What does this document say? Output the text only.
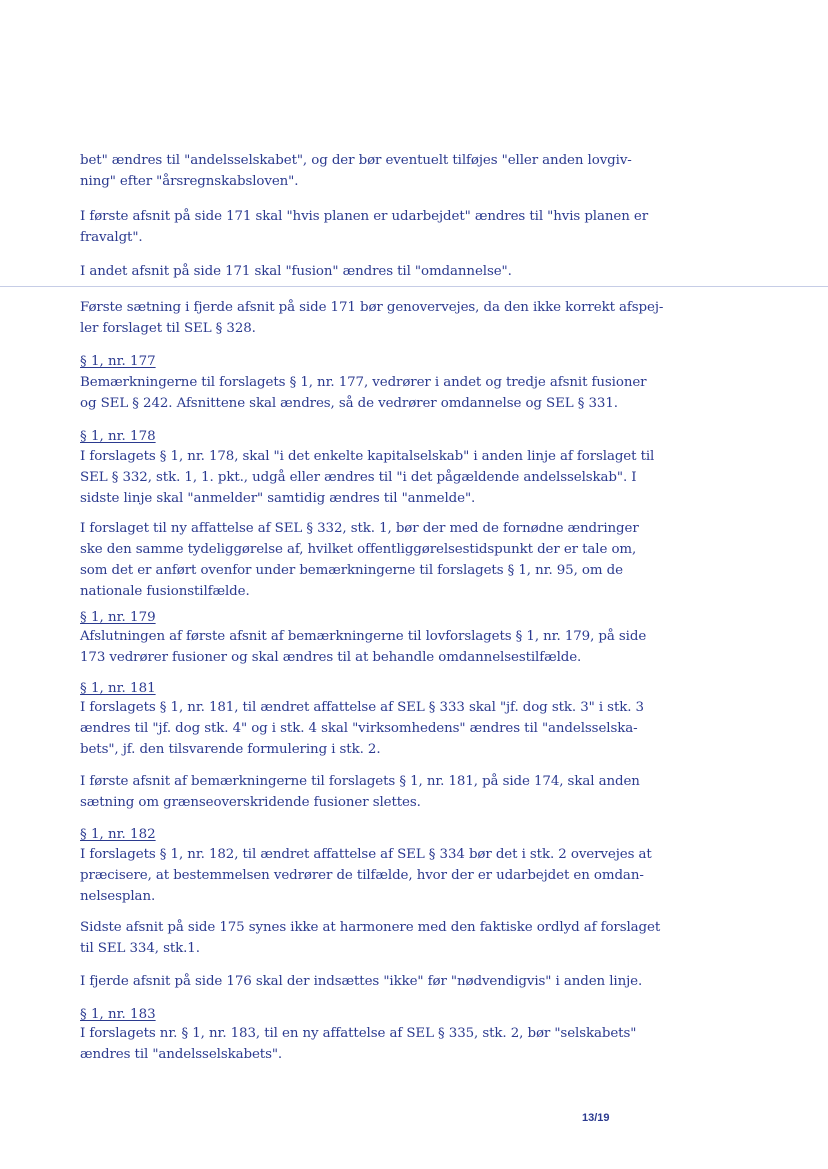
bet" ændres til "andelsselskabet", og der bør eventuelt tilføjes "eller anden lovgiv-
ning" efter "årsregnskabsloven".

I første afsnit på side 171 skal "hvis planen er udarbejdet" ændres til "hvis planen er
fravalgt".

I andet afsnit på side 171 skal "fusion" ændres til "omdannelse".

Første sætning i fjerde afsnit på side 171 bør genovervejes, da den ikke korrekt afspej-
ler forslaget til SEL § 328.

§ 1, nr. 177

Bemærkningerne til forslagets § 1, nr. 177, vedrører i andet og tredje afsnit fusioner
og SEL § 242. Afsnittene skal ændres, så de vedrører omdannelse og SEL § 331.

§ 1, nr. 178

I forslagets § 1, nr. 178, skal "i det enkelte kapitalselskab" i anden linje af forslaget til
SEL § 332, stk. 1, 1. pkt., udgå eller ændres til "i det pågældende andelsselskab". I
sidste linje skal "anmelder" samtidig ændres til "anmelde".

I forslaget til ny affattelse af SEL § 332, stk. 1, bør der med de fornødne ændringer
ske den samme tydeliggørelse af, hvilket offentliggørelsestidspunkt der er tale om,
som det er anført ovenfor under bemærkningerne til forslagets § 1, nr. 95, om de
nationale fusionstilfælde.

§ 1, nr. 179

Afslutningen af første afsnit af bemærkningerne til lovforslagets § 1, nr. 179, på side
173 vedrører fusioner og skal ændres til at behandle omdannelsestilfælde.

§ 1, nr. 181

I forslagets § 1, nr. 181, til ændret affattelse af SEL § 333 skal "jf. dog stk. 3" i stk. 3
ændres til "jf. dog stk. 4" og i stk. 4 skal "virksomhedens" ændres til "andelsselska-
bets", jf. den tilsvarende formulering i stk. 2.

I første afsnit af bemærkningerne til forslagets § 1, nr. 181, på side 174, skal anden
sætning om grænseoverskridende fusioner slettes.

§ 1, nr. 182

I forslagets § 1, nr. 182, til ændret affattelse af SEL § 334 bør det i stk. 2 overvejes at
præcisere, at bestemmelsen vedrører de tilfælde, hvor der er udarbejdet en omdan-
nelsesplan.

Sidste afsnit på side 175 synes ikke at harmonere med den faktiske ordlyd af forslaget
til SEL 334, stk.1.

I fjerde afsnit på side 176 skal der indsættes "ikke" før "nødvendigvis" i anden linje.

§ 1, nr. 183

I forslagets nr. § 1, nr. 183, til en ny affattelse af SEL § 335, stk. 2, bør "selskabets"
ændres til "andelsselskabets".

13/19
